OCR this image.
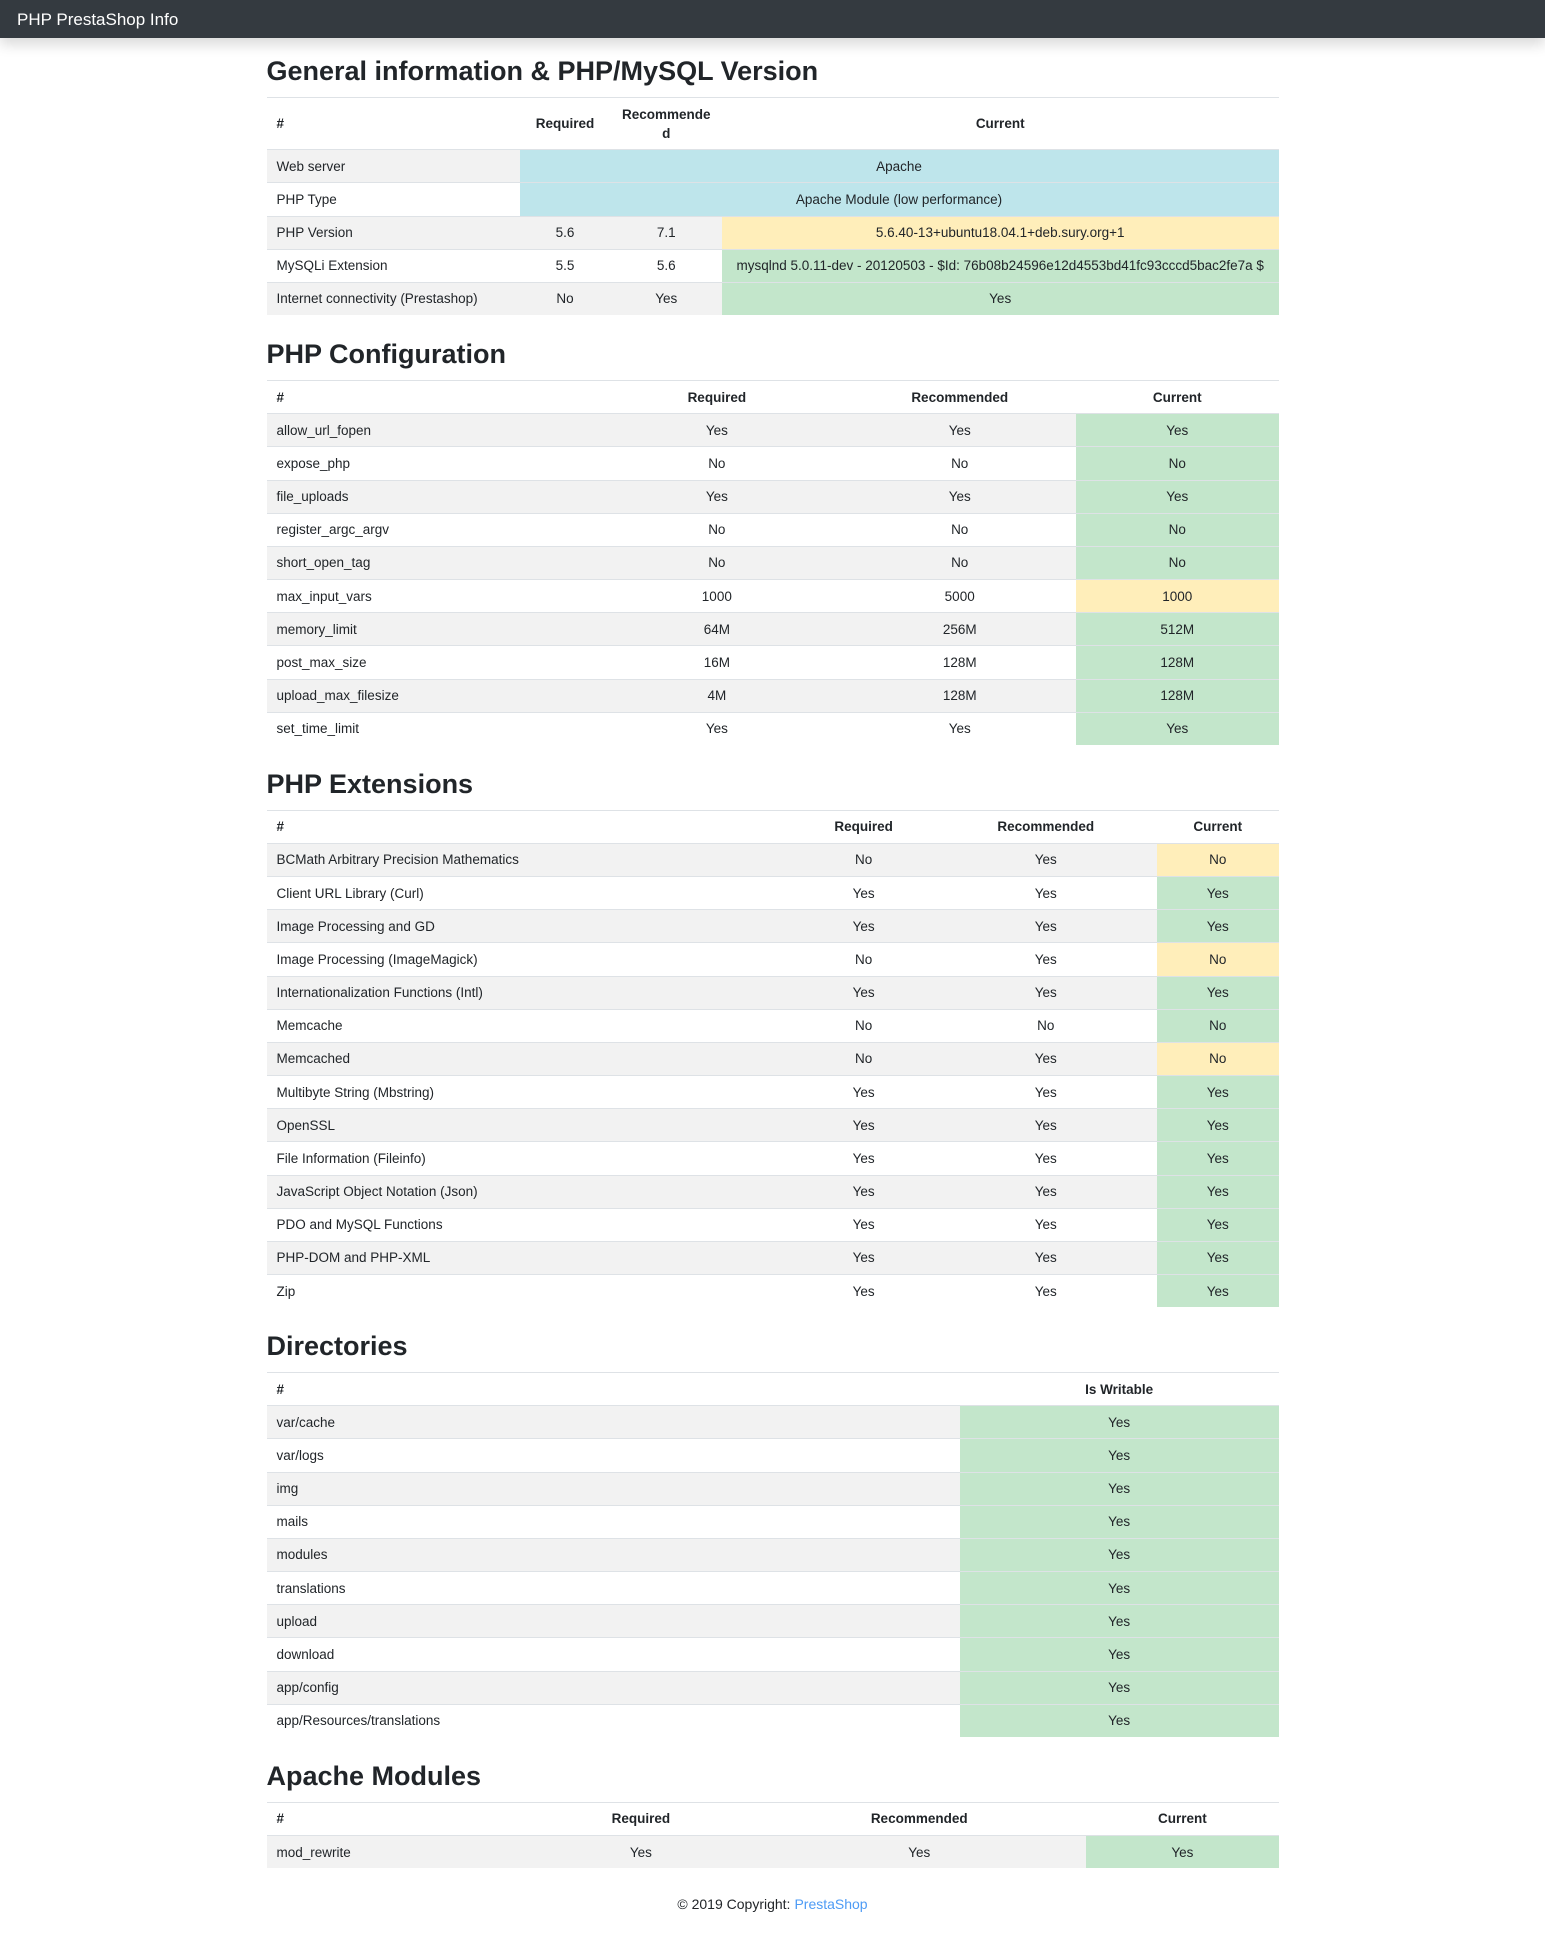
PHP PrestaShop Info
General information & PHP/MySQL Version
#	Required	Recommended	Current
Web server	Apache		
PHP Type	Apache Module (low performance)		
PHP Version	5.6	7.1	5.6.40-13+ubuntu18.04.1+deb.sury.org+1
MySQLi Extension	5.5	5.6	mysqlnd 5.0.11-dev - 20120503 - $Id: 76b08b24596e12d4553bd41fc93cccd5bac2fe7a $
Internet connectivity (Prestashop)	No	Yes	Yes
PHP Configuration
#	Required	Recommended	Current
allow_url_fopen	Yes	Yes	Yes
expose_php	No	No	No
file_uploads	Yes	Yes	Yes
register_argc_argv	No	No	No
short_open_tag	No	No	No
max_input_vars	1000	5000	1000
memory_limit	64M	256M	512M
post_max_size	16M	128M	128M
upload_max_filesize	4M	128M	128M
set_time_limit	Yes	Yes	Yes
PHP Extensions
#	Required	Recommended	Current
BCMath Arbitrary Precision Mathematics	No	Yes	No
Client URL Library (Curl)	Yes	Yes	Yes
Image Processing and GD	Yes	Yes	Yes
Image Processing (ImageMagick)	No	Yes	No
Internationalization Functions (Intl)	Yes	Yes	Yes
Memcache	No	No	No
Memcached	No	Yes	No
Multibyte String (Mbstring)	Yes	Yes	Yes
OpenSSL	Yes	Yes	Yes
File Information (Fileinfo)	Yes	Yes	Yes
JavaScript Object Notation (Json)	Yes	Yes	Yes
PDO and MySQL Functions	Yes	Yes	Yes
PHP-DOM and PHP-XML	Yes	Yes	Yes
Zip	Yes	Yes	Yes
Directories
#	Is Writable
var/cache	Yes
var/logs	Yes
img	Yes
mails	Yes
modules	Yes
translations	Yes
upload	Yes
download	Yes
app/config	Yes
app/Resources/translations	Yes
Apache Modules
#	Required	Recommended	Current
mod_rewrite	Yes	Yes	Yes
© 2019 Copyright: PrestaShop
